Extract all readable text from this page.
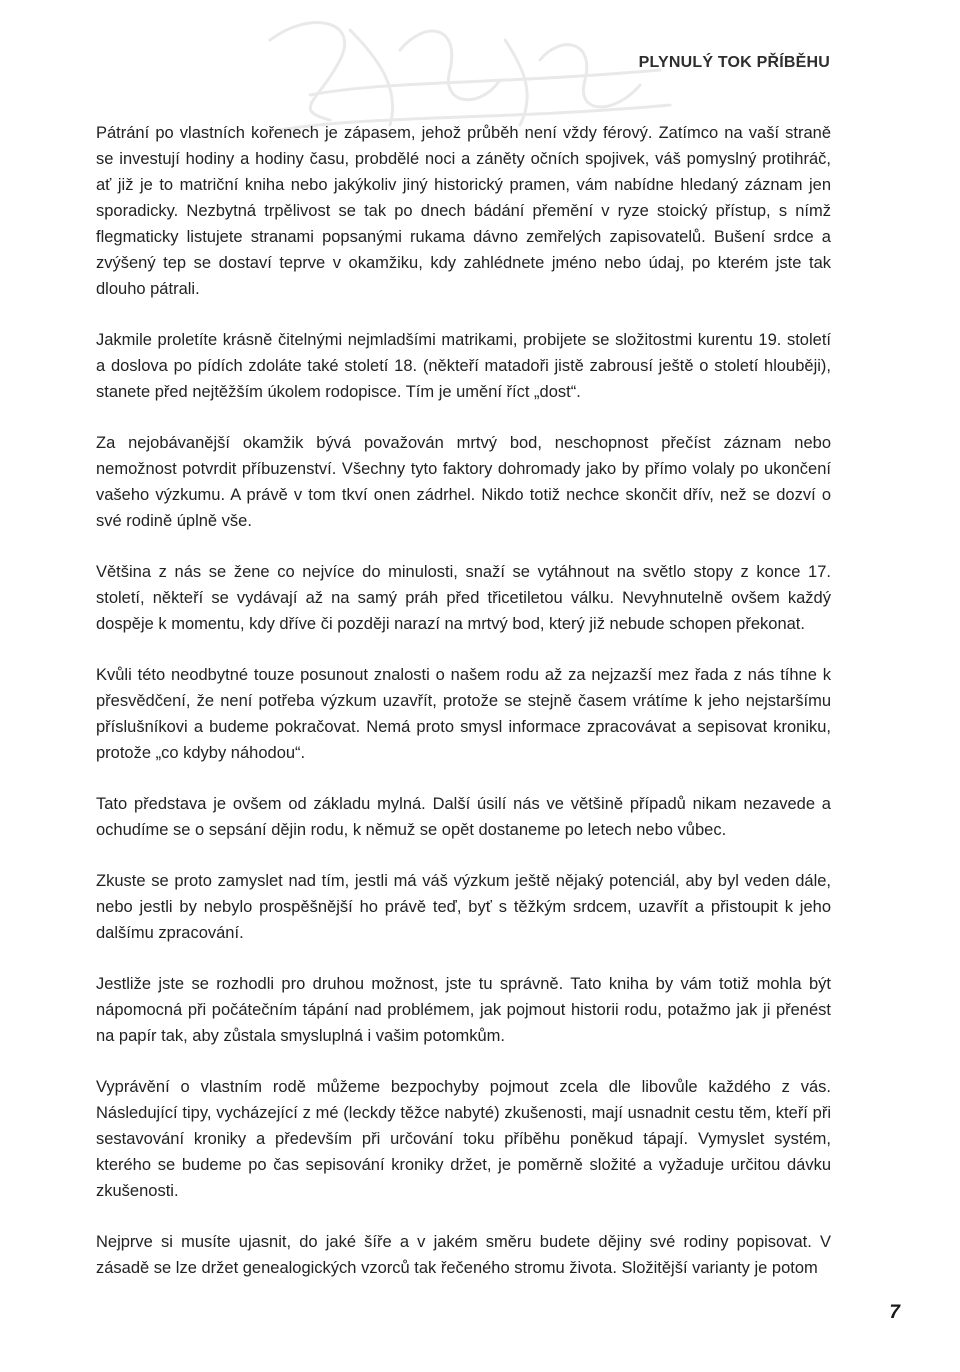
PLYNULÝ TOK PŘÍBĚHU

Pátrání po vlastních kořenech je zápasem, jehož průběh není vždy férový. Zatímco na vaší straně se investují hodiny a hodiny času, probdělé noci a záněty očních spojivek, váš pomyslný protihráč, ať již je to matriční kniha nebo jakýkoliv jiný historický pramen, vám nabídne hledaný záznam jen sporadicky. Nezbytná trpělivost se tak po dnech bádání přemění v ryze stoický přístup, s nímž flegmaticky listujete stranami popsanými rukama dávno zemřelých zapisovatelů. Bušení srdce a zvýšený tep se dostaví teprve v okamžiku, kdy zahlédnete jméno nebo údaj, po kterém jste tak dlouho pátrali.

Jakmile proletíte krásně čitelnými nejmladšími matrikami, probijete se složitostmi kurentu 19. století a doslova po pídích zdoláte také století 18. (někteří matadoři jistě zabrousí ještě o století hlouběji), stanete před nejtěžším úkolem rodopisce. Tím je umění říct „dost“.

Za nejobávanější okamžik bývá považován mrtvý bod, neschopnost přečíst záznam nebo nemožnost potvrdit příbuzenství. Všechny tyto faktory dohromady jako by přímo volaly po ukončení vašeho výzkumu. A právě v tom tkví onen zádrhel. Nikdo totiž nechce skončit dřív, než se dozví o své rodině úplně vše.

Většina z nás se žene co nejvíce do minulosti, snaží se vytáhnout na světlo stopy z konce 17. století, někteří se vydávají až na samý práh před třicetiletou válku. Nevyhnutelně ovšem každý dospěje k momentu, kdy dříve či později narazí na mrtvý bod, který již nebude schopen překonat.

Kvůli této neodbytné touze posunout znalosti o našem rodu až za nejzazší mez řada z nás tíhne k přesvědčení, že není potřeba výzkum uzavřít, protože se stejně časem vrátíme k jeho nejstaršímu příslušníkovi a budeme pokračovat. Nemá proto smysl informace zpracovávat a sepisovat kroniku, protože „co kdyby náhodou“.

Tato představa je ovšem od základu mylná. Další úsilí nás ve většině případů nikam nezavede a ochudíme se o sepsání dějin rodu, k němuž se opět dostaneme po letech nebo vůbec.

Zkuste se proto zamyslet nad tím, jestli má váš výzkum ještě nějaký potenciál, aby byl veden dále, nebo jestli by nebylo prospěšnější ho právě teď, byť s těžkým srdcem, uzavřít a přistoupit k jeho dalšímu zpracování.

Jestliže jste se rozhodli pro druhou možnost, jste tu správně. Tato kniha by vám totiž mohla být nápomocná při počátečním tápání nad problémem, jak pojmout historii rodu, potažmo jak ji přenést na papír tak, aby zůstala smysluplná i vašim potomkům.

Vyprávění o vlastním rodě můžeme bezpochyby pojmout zcela dle libovůle každého z vás. Následující tipy, vycházející z mé (leckdy těžce nabyté) zkušenosti, mají usnadnit cestu těm, kteří při sestavování kroniky a především při určování toku příběhu poněkud tápají. Vymyslet systém, kterého se budeme po čas sepisování kroniky držet, je poměrně složité a vyžaduje určitou dávku zkušenosti.

Nejprve si musíte ujasnit, do jaké šíře a v jakém směru budete dějiny své rodiny popisovat. V zásadě se lze držet genealogických vzorců tak řečeného stromu života. Složitější varianty je potom

7
